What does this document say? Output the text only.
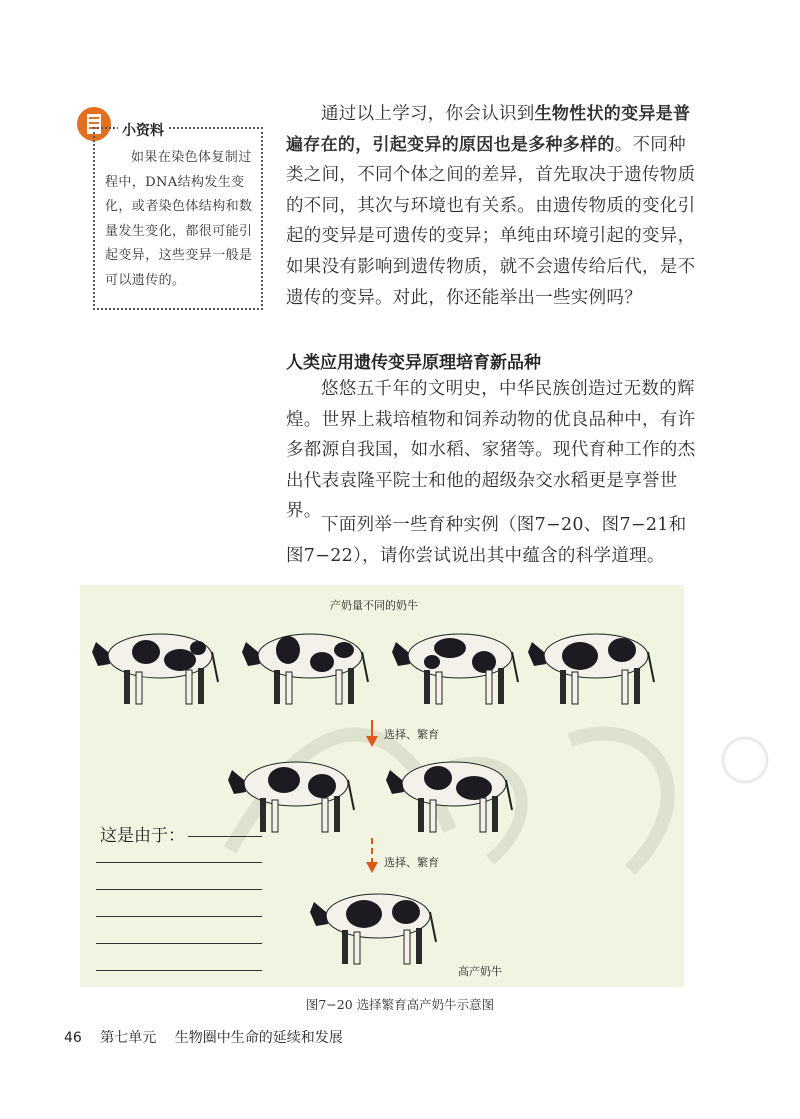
小资料
如果在染色体复制过程中，DNA结构发生变化，或者染色体结构和数量发生变化，都很可能引起变异，这些变异一般是可以遗传的。
通过以上学习，你会认识到生物性状的变异是普遍存在的，引起变异的原因也是多种多样的。不同种类之间，不同个体之间的差异，首先取决于遗传物质的不同，其次与环境也有关系。由遗传物质的变化引起的变异是可遗传的变异；单纯由环境引起的变异，如果没有影响到遗传物质，就不会遗传给后代，是不遗传的变异。对此，你还能举出一些实例吗？
人类应用遗传变异原理培育新品种
悠悠五千年的文明史，中华民族创造过无数的辉煌。世界上栽培植物和饲养动物的优良品种中，有许多都源自我国，如水稻、家猪等。现代育种工作的杰出代表袁隆平院士和他的超级杂交水稻更是享誉世界。
下面列举一些育种实例（图7−20、图7−21和图7−22），请你尝试说出其中蕴含的科学道理。
产奶量不同的奶牛
选择、繁育
选择、繁育
高产奶牛
这是由于：
图7−20 选择繁育高产奶牛示意图
46 第七单元 生物圈中生命的延续和发展
